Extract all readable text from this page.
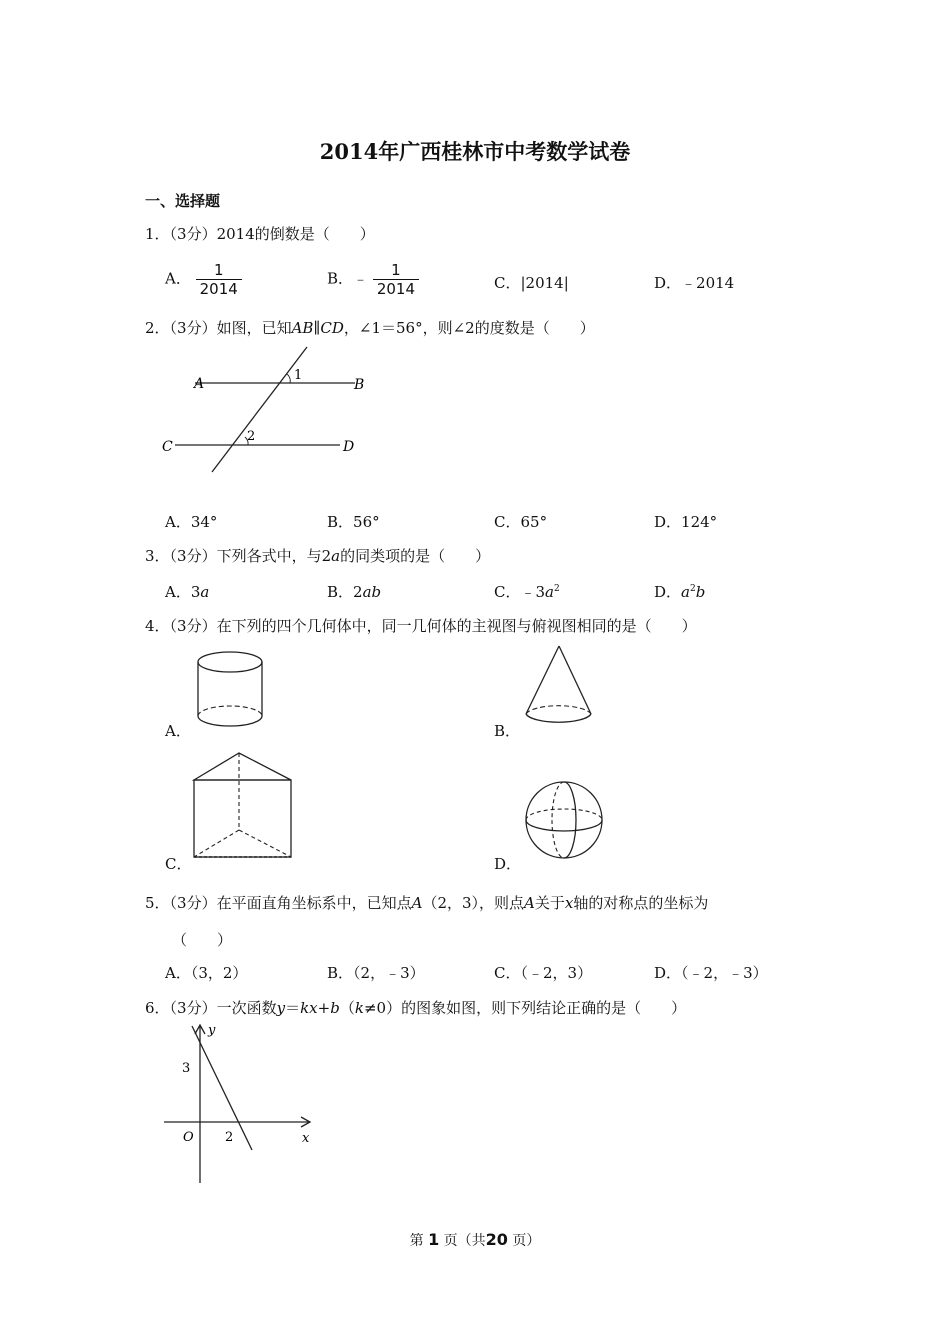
2014年广西桂林市中考数学试卷
一、选择题
1．（3分）2014的倒数是（　　）
A． $\frac{1}{2014}$	B．﹣ $\frac{1}{2014}$	C．|2014|	D．﹣2014
2．（3分）如图，已知AB∥CD，∠1＝56°，则∠2的度数是（　　）
A	B
C	D
1
2
A．34°	B．56°	C．65°	D．124°
3．（3分）下列各式中，与2a的同类项的是（　　）
A．3a	B．2ab	C．$﹣3a^2$	D．$a^2b$
4．（3分）在下列的四个几何体中，同一几何体的主视图与俯视图相同的是（　　）
A．	B．
C．	D．
5．（3分）在平面直角坐标系中，已知点A（2，3），则点A关于x轴的对称点的坐标为
（　　）
A．（3，2）	B．（2，﹣3）	C．（﹣2，3）	D．（﹣2，﹣3）
6．（3分）一次函数y＝kx+b（k≠0）的图象如图，则下列结论正确的是（　　）
y
x
O
3
2
第 1 页（共20 页）
